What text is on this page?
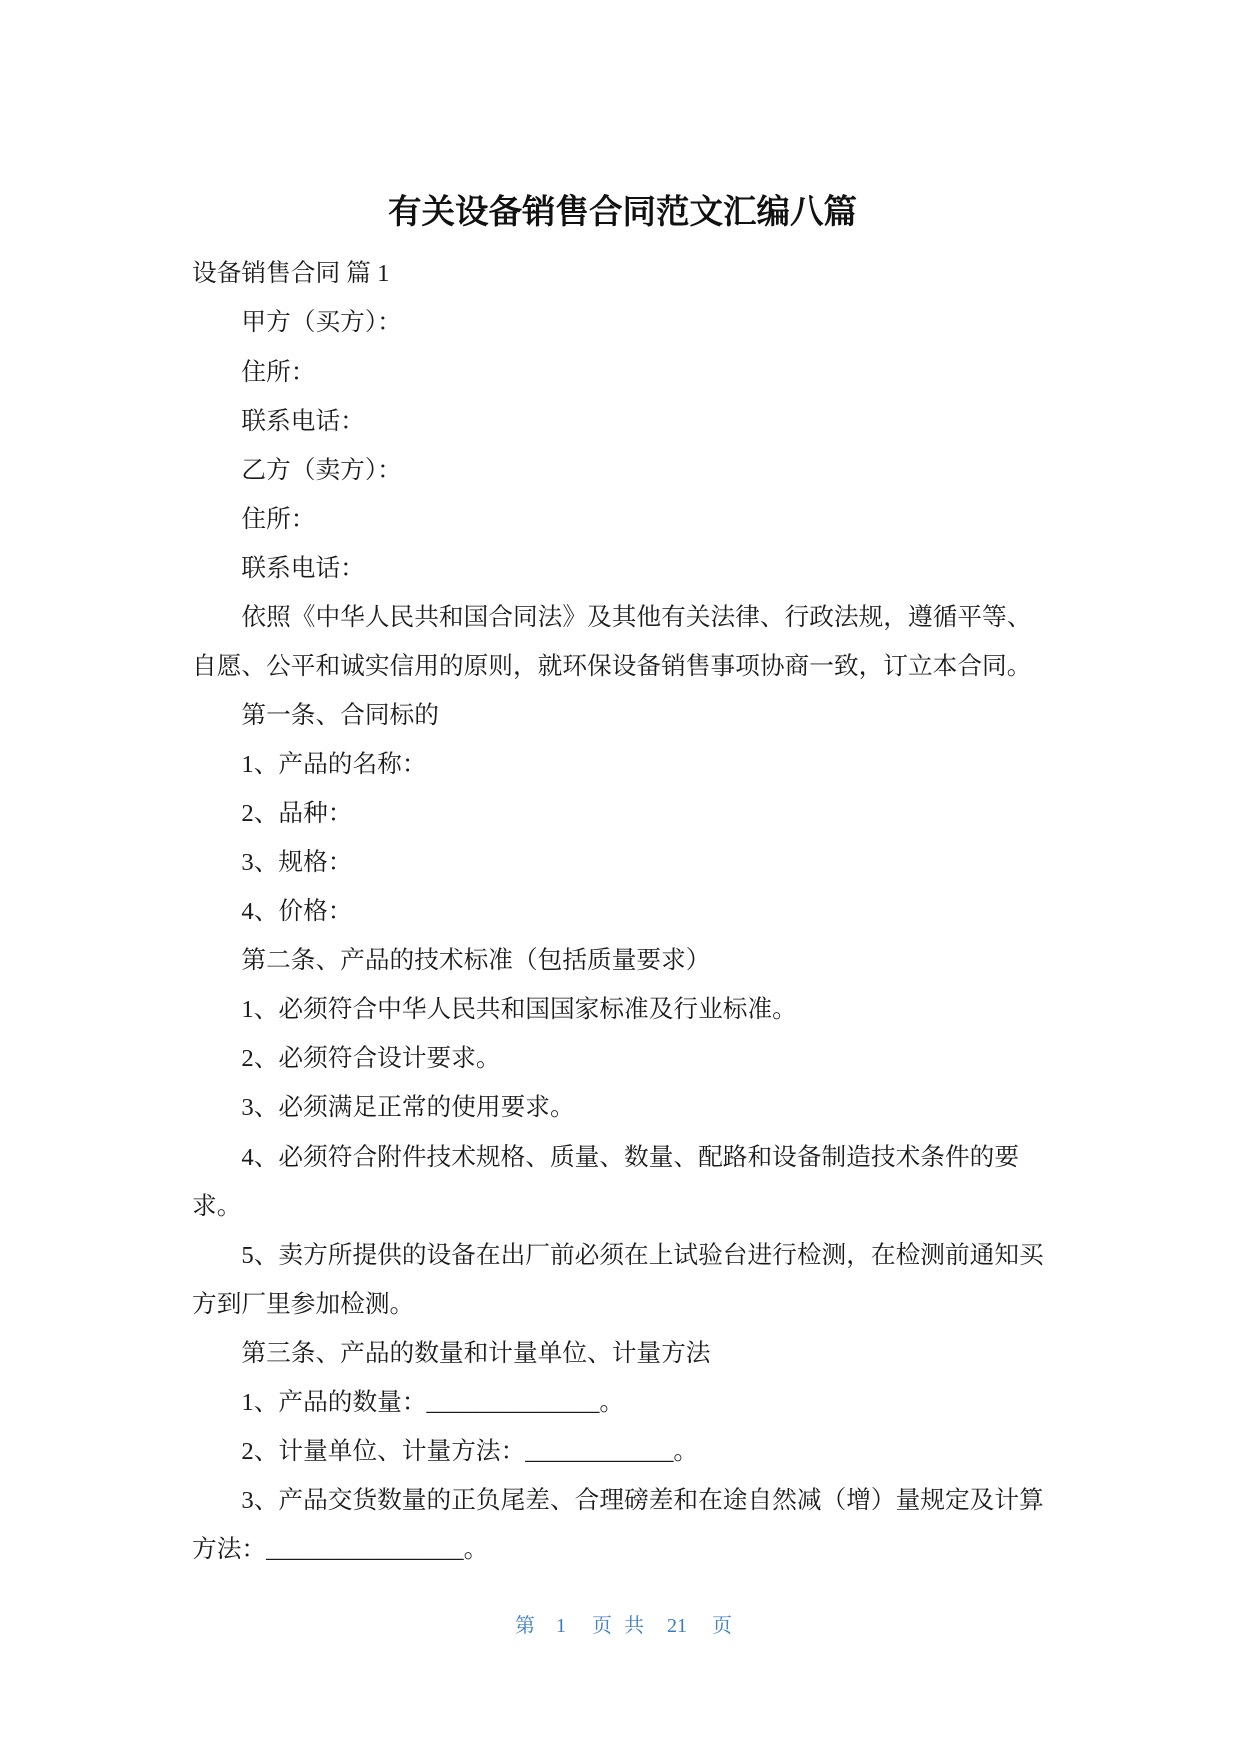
有关设备销售合同范文汇编八篇
设备销售合同 篇 1
甲方（买方）：
住所：
联系电话：
乙方（卖方）：
住所：
联系电话：
依照《中华人民共和国合同法》及其他有关法律、行政法规，遵循平等、
自愿、公平和诚实信用的原则，就环保设备销售事项协商一致，订立本合同。
第一条、合同标的
1、产品的名称：
2、品种：
3、规格：
4、价格：
第二条、产品的技术标准（包括质量要求）
1、必须符合中华人民共和国国家标准及行业标准。
2、必须符合设计要求。
3、必须满足正常的使用要求。
4、必须符合附件技术规格、质量、数量、配路和设备制造技术条件的要
求。
5、卖方所提供的设备在出厂前必须在上试验台进行检测，在检测前通知买
方到厂里参加检测。
第三条、产品的数量和计量单位、计量方法
1、产品的数量：______________。
2、计量单位、计量方法：____________。
3、产品交货数量的正负尾差、合理磅差和在途自然减（增）量规定及计算
方法：________________。
第 1 页共 21 页
